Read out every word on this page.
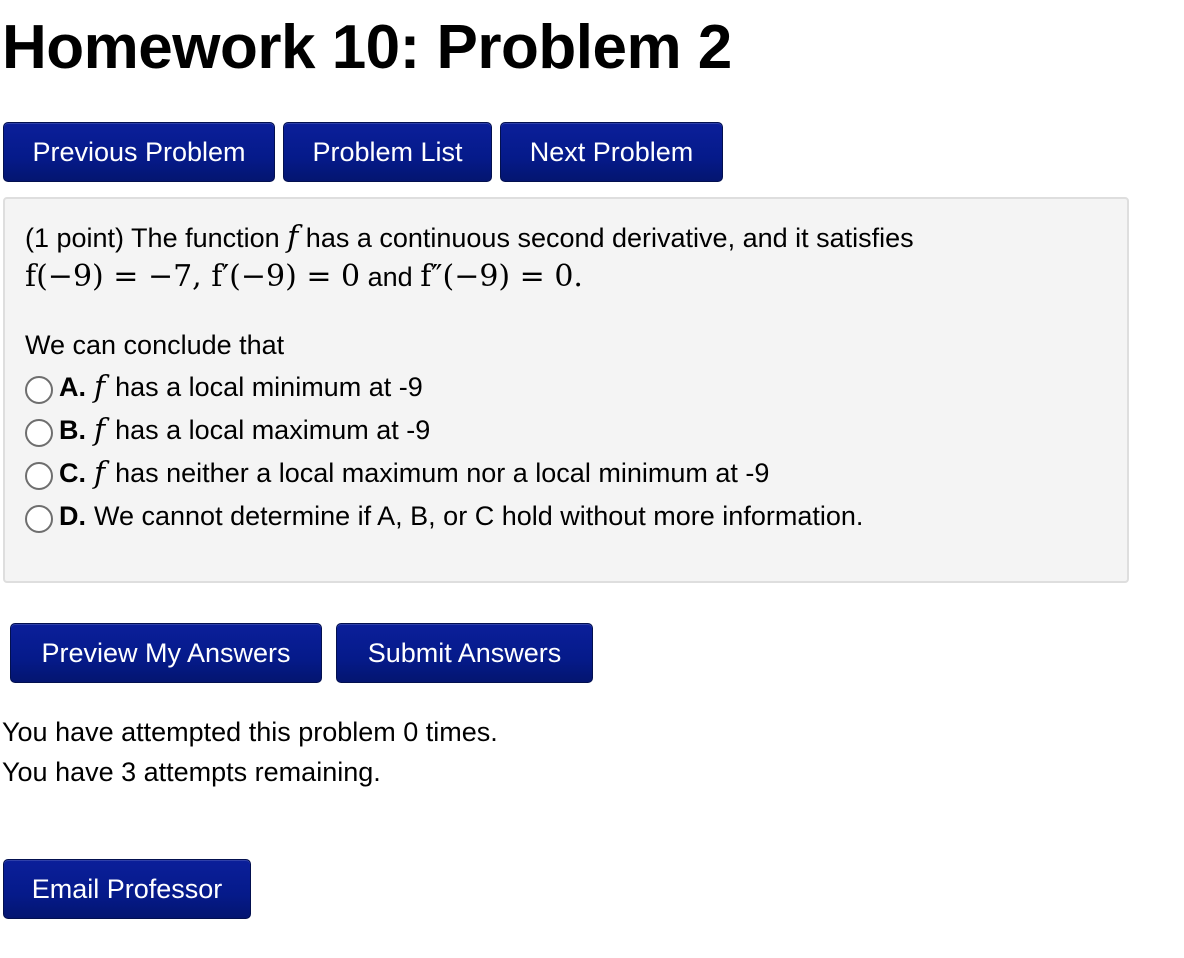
Homework 10: Problem 2
Previous Problem	Problem List	Next Problem
(1 point) The function f has a continuous second derivative, and it satisfies
f(−9) = −7, f′(−9) = 0 and f″(−9) = 0.
We can conclude that
A. f has a local minimum at -9
B. f has a local maximum at -9
C. f has neither a local maximum nor a local minimum at -9
D. We cannot determine if A, B, or C hold without more information.
Preview My Answers	Submit Answers
You have attempted this problem 0 times.
You have 3 attempts remaining.
Email Professor
